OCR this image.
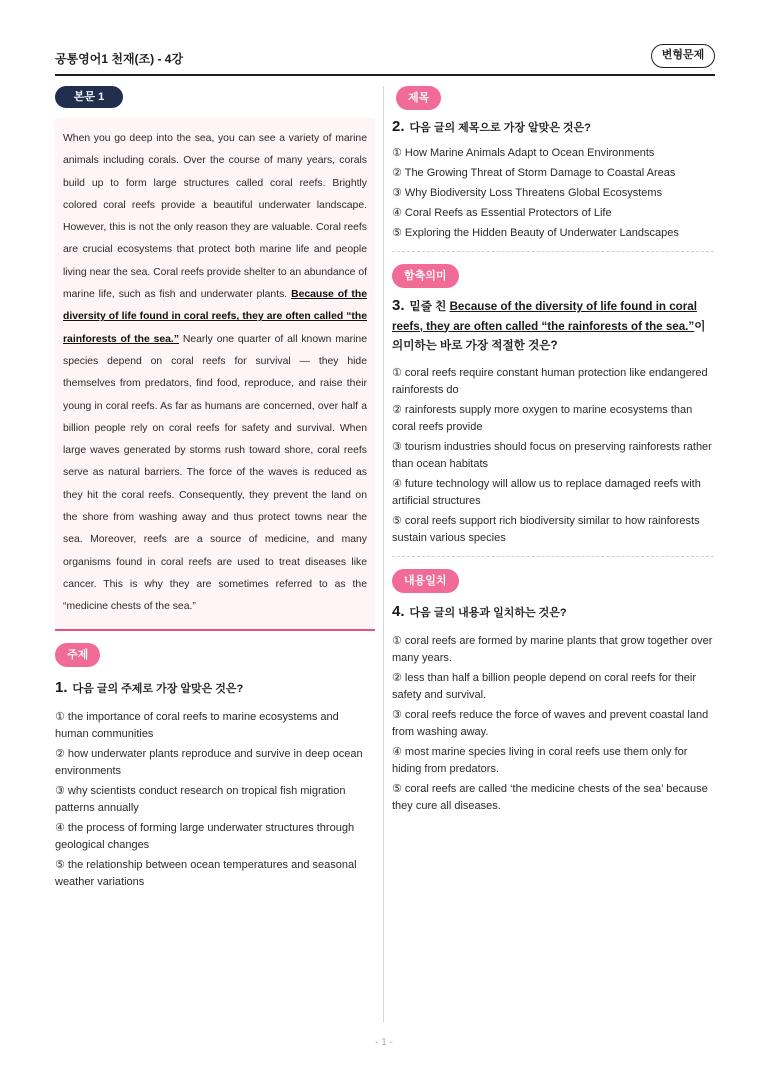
공통영어1 천재(조) - 4강	변형문제
본문 1

When you go deep into the sea, you can see a variety of marine animals including corals. Over the course of many years, corals build up to form large structures called coral reefs. Brightly colored coral reefs provide a beautiful underwater landscape. However, this is not the only reason they are valuable. Coral reefs are crucial ecosystems that protect both marine life and people living near the sea. Coral reefs provide shelter to an abundance of marine life, such as fish and underwater plants. Because of the diversity of life found in coral reefs, they are often called “the rainforests of the sea.” Nearly one quarter of all known marine species depend on coral reefs for survival — they hide themselves from predators, find food, reproduce, and raise their young in coral reefs. As far as humans are concerned, over half a billion people rely on coral reefs for safety and survival. When large waves generated by storms rush toward shore, coral reefs serve as natural barriers. The force of the waves is reduced as they hit the coral reefs. Consequently, they prevent the land on the shore from washing away and thus protect towns near the sea. Moreover, reefs are a source of medicine, and many organisms found in coral reefs are used to treat diseases like cancer. This is why they are sometimes referred to as the “medicine chests of the sea.”

주제
1. 다음 글의 주제로 가장 알맞은 것은?
① the importance of coral reefs to marine ecosystems and human communities
② how underwater plants reproduce and survive in deep ocean environments
③ why scientists conduct research on tropical fish migration patterns annually
④ the process of forming large underwater structures through geological changes
⑤ the relationship between ocean temperatures and seasonal weather variations
제목
2. 다음 글의 제목으로 가장 알맞은 것은?
① How Marine Animals Adapt to Ocean Environments
② The Growing Threat of Storm Damage to Coastal Areas
③ Why Biodiversity Loss Threatens Global Ecosystems
④ Coral Reefs as Essential Protectors of Life
⑤ Exploring the Hidden Beauty of Underwater Landscapes
함축의미
3. 밑줄 친 Because of the diversity of life found in coral reefs, they are often called “the rainforests of the sea.”이 의미하는 바로 가장 적절한 것은?
① coral reefs require constant human protection like endangered rainforests do
② rainforests supply more oxygen to marine ecosystems than coral reefs provide
③ tourism industries should focus on preserving rainforests rather than ocean habitats
④ future technology will allow us to replace damaged reefs with artificial structures
⑤ coral reefs support rich biodiversity similar to how rainforests sustain various species
내용일치
4. 다음 글의 내용과 일치하는 것은?
① coral reefs are formed by marine plants that grow together over many years.
② less than half a billion people depend on coral reefs for their safety and survival.
③ coral reefs reduce the force of waves and prevent coastal land from washing away.
④ most marine species living in coral reefs use them only for hiding from predators.
⑤ coral reefs are called ‘the medicine chests of the sea’ because they cure all diseases.
- 1 -
